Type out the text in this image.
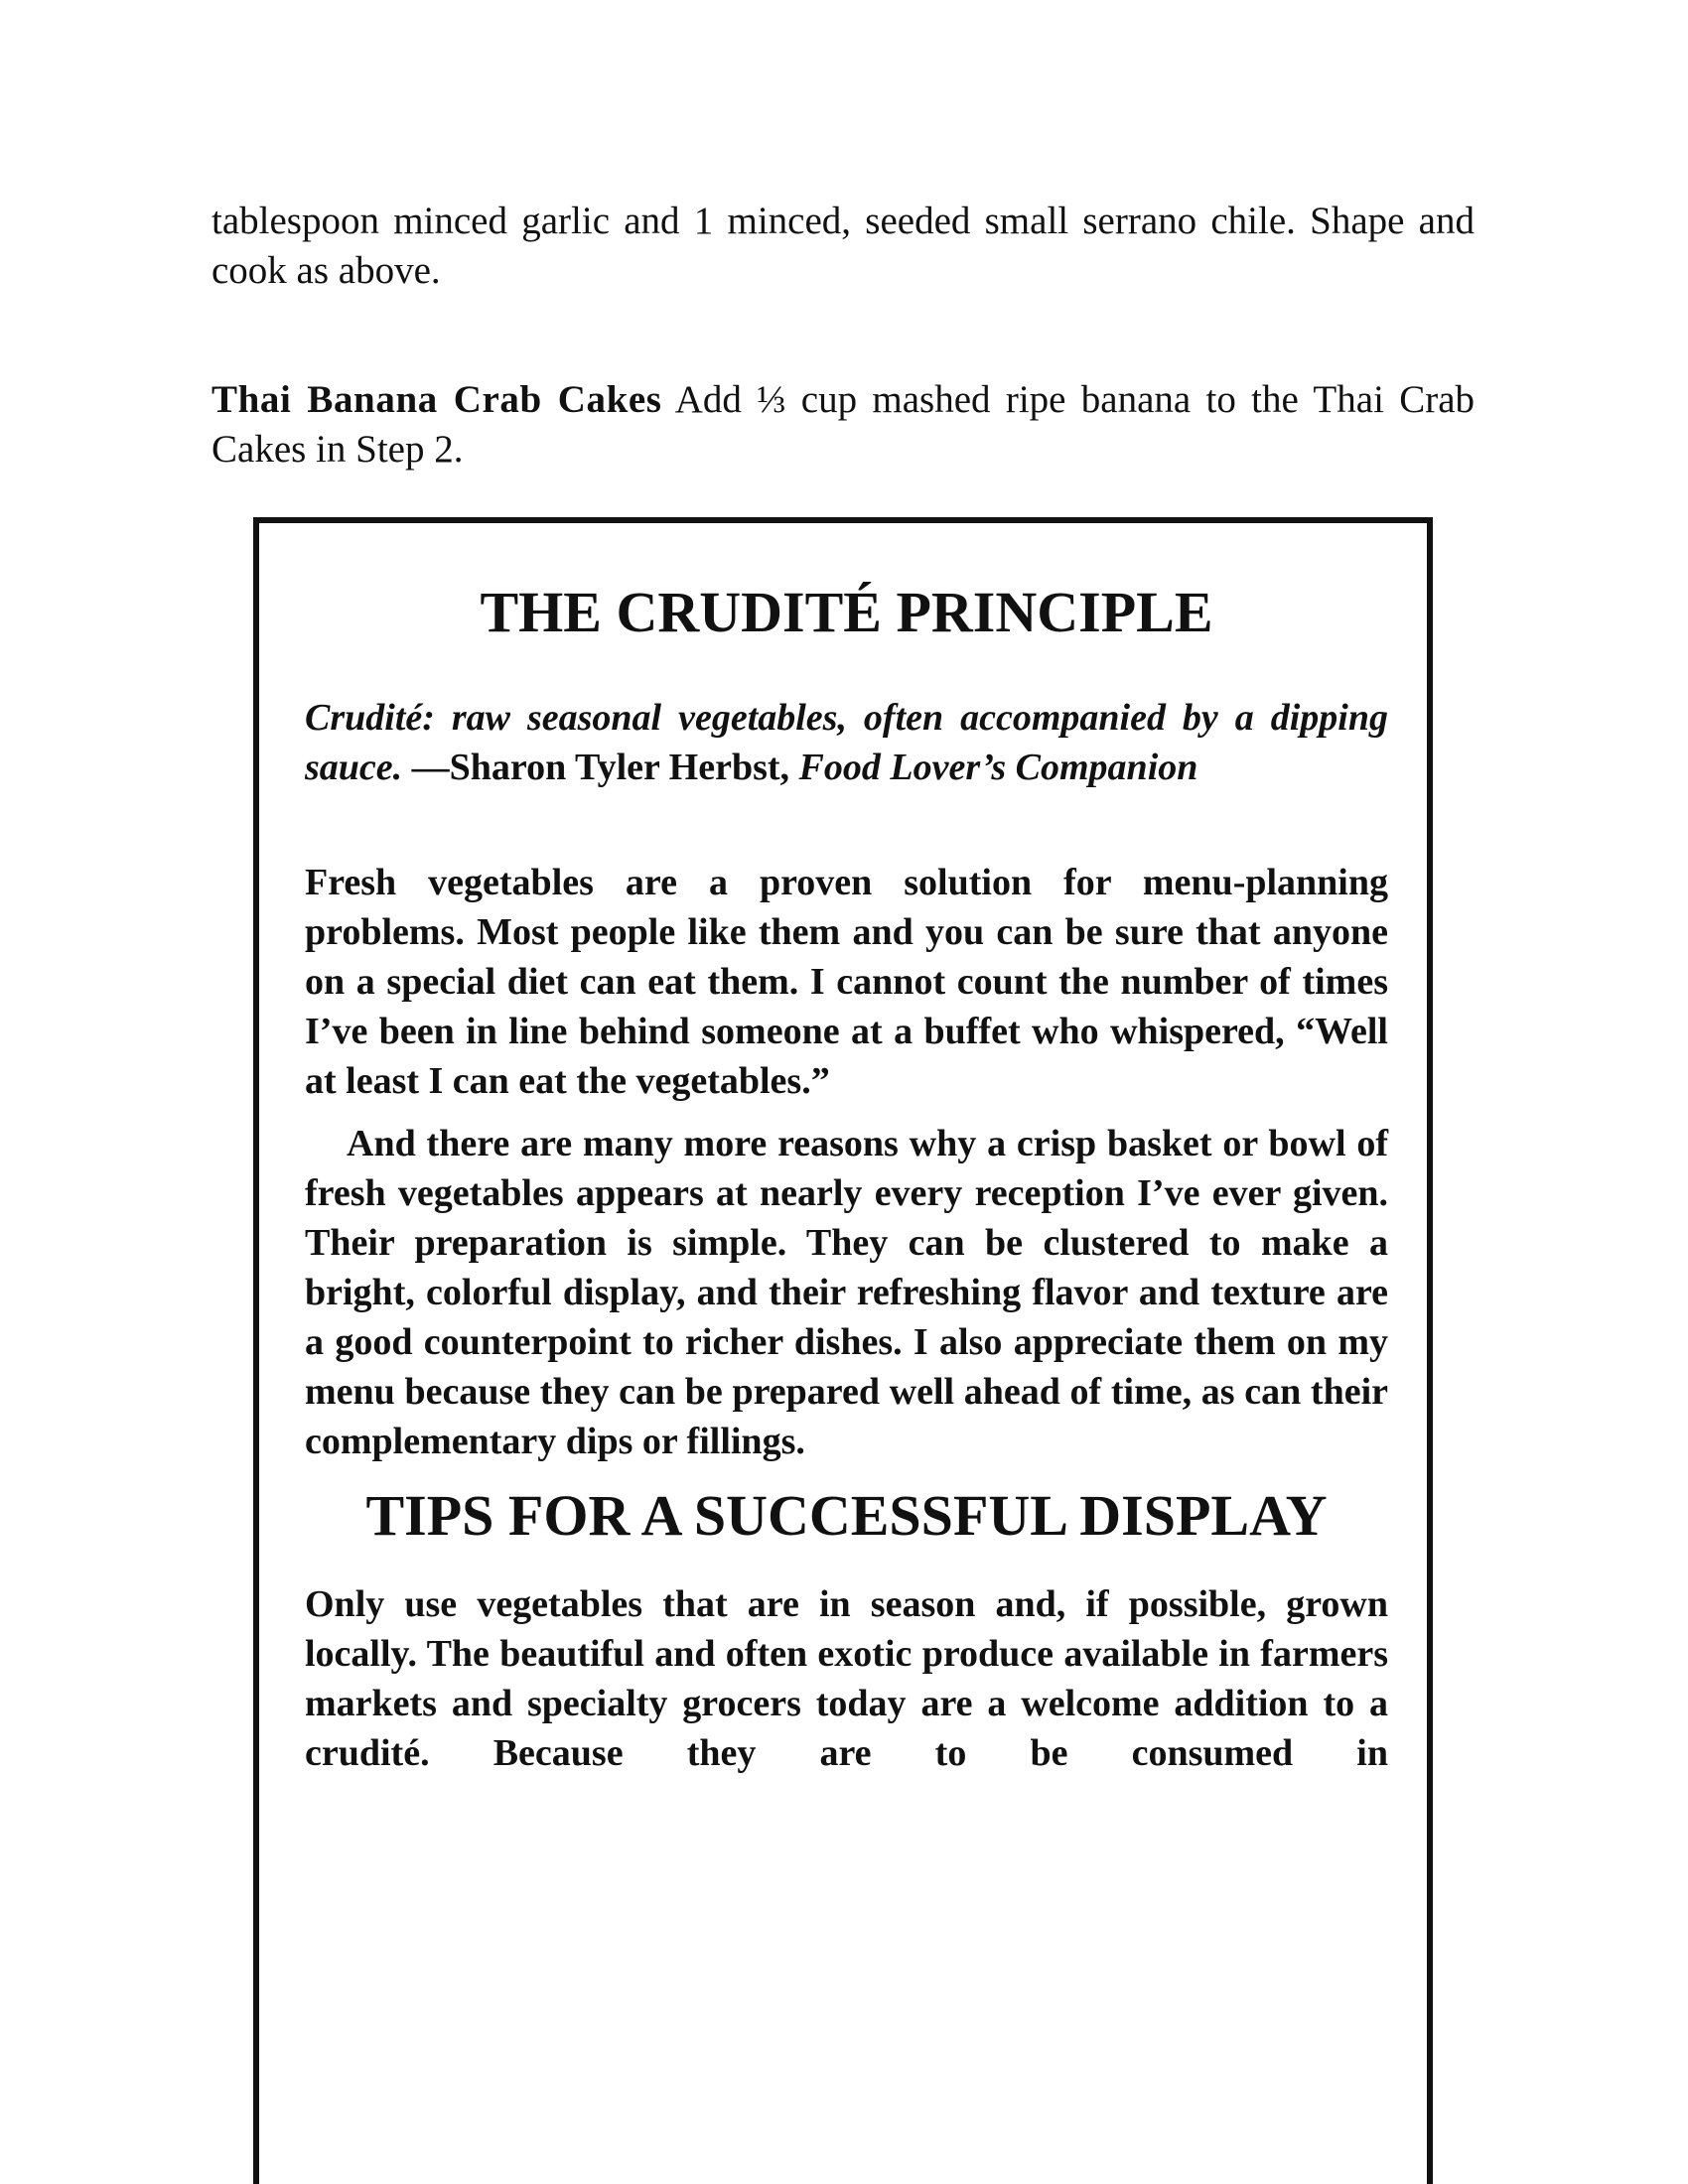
tablespoon minced garlic and 1 minced, seeded small serrano chile. Shape and cook as above.

Thai Banana Crab Cakes Add ⅓ cup mashed ripe banana to the Thai Crab Cakes in Step 2.

THE CRUDITÉ PRINCIPLE

Crudité: raw seasonal vegetables, often accompanied by a dipping sauce. —Sharon Tyler Herbst, Food Lover’s Companion

Fresh vegetables are a proven solution for menu-planning problems. Most people like them and you can be sure that anyone on a special diet can eat them. I cannot count the number of times I’ve been in line behind someone at a buffet who whispered, “Well at least I can eat the vegetables.”

And there are many more reasons why a crisp basket or bowl of fresh vegetables appears at nearly every reception I’ve ever given. Their preparation is simple. They can be clustered to make a bright, colorful display, and their refreshing flavor and texture are a good counterpoint to richer dishes. I also appreciate them on my menu because they can be prepared well ahead of time, as can their complementary dips or fillings.

TIPS FOR A SUCCESSFUL DISPLAY

Only use vegetables that are in season and, if possible, grown locally. The beautiful and often exotic produce available in farmers markets and specialty grocers today are a welcome addition to a crudité. Because they are to be consumed in
